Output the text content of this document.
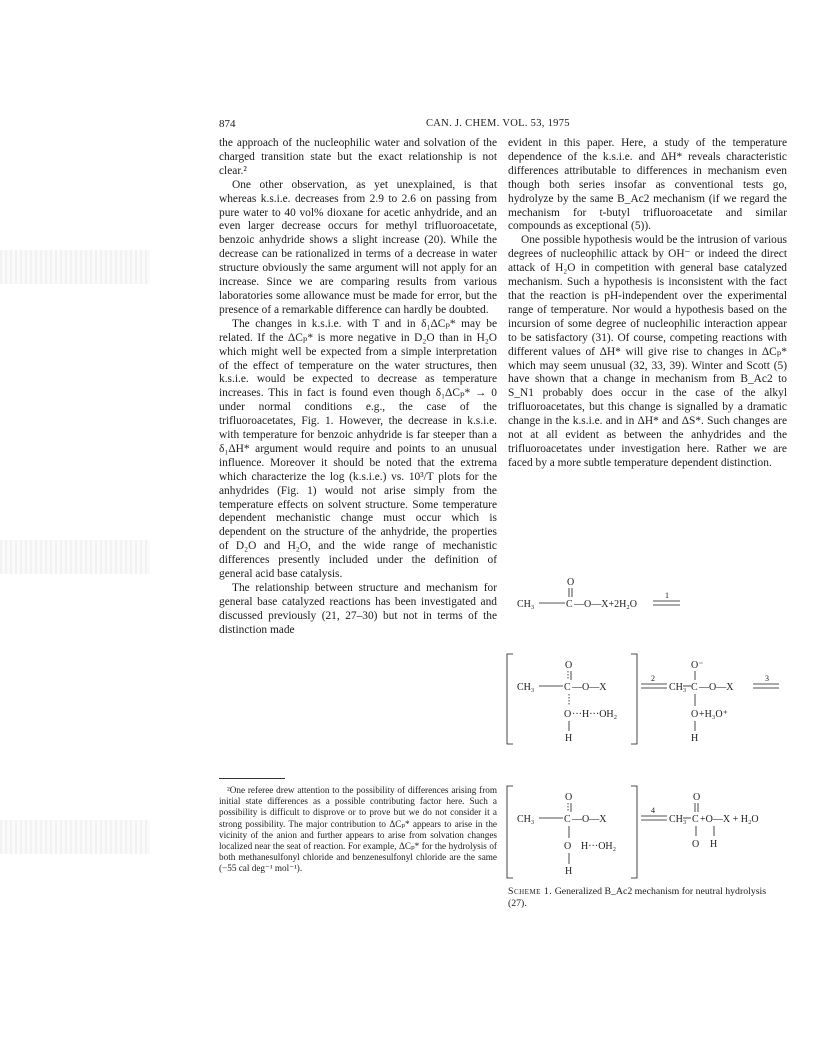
874	CAN. J. CHEM. VOL. 53, 1975

the approach of the nucleophilic water and solvation of the charged transition state but the exact relationship is not clear.²

One other observation, as yet unexplained, is that whereas k.s.i.e. decreases from 2.9 to 2.6 on passing from pure water to 40 vol% dioxane for acetic anhydride, and an even larger decrease occurs for methyl trifluoroacetate, benzoic anhydride shows a slight increase (20). While the decrease can be rationalized in terms of a decrease in water structure obviously the same argument will not apply for an increase. Since we are comparing results from various laboratories some allowance must be made for error, but the presence of a remarkable difference can hardly be doubted.

The changes in k.s.i.e. with T and in δ₁ΔCₚ* may be related. If the ΔCₚ* is more negative in D₂O than in H₂O which might well be expected from a simple interpretation of the effect of temperature on the water structures, then k.s.i.e. would be expected to decrease as temperature increases. This in fact is found even though δ₁ΔCₚ* → 0 under normal conditions e.g., the case of the trifluoroacetates, Fig. 1. However, the decrease in k.s.i.e. with temperature for benzoic anhydride is far steeper than a δ₁ΔH* argument would require and points to an unusual influence. Moreover it should be noted that the extrema which characterize the log (k.s.i.e.) vs. 10³/T plots for the anhydrides (Fig. 1) would not arise simply from the temperature effects on solvent structure. Some temperature dependent mechanistic change must occur which is dependent on the structure of the anhydride, the properties of D₂O and H₂O, and the wide range of mechanistic differences presently included under the definition of general acid base catalysis.

The relationship between structure and mechanism for general base catalyzed reactions has been investigated and discussed previously (21, 27–30) but not in terms of the distinction made

²One referee drew attention to the possibility of differences arising from initial state differences as a possible contributing factor here. Such a possibility is difficult to disprove or to prove but we do not consider it a strong possibility. The major contribution to ΔCₚ* appears to arise in the vicinity of the anion and further appears to arise from solvation changes localized near the seat of reaction. For example, ΔCₚ* for the hydrolysis of both methanesulfonyl chloride and benzenesulfonyl chloride are the same (−55 cal deg⁻¹ mol⁻¹).

evident in this paper. Here, a study of the temperature dependence of the k.s.i.e. and ΔH* reveals characteristic differences attributable to differences in mechanism even though both series insofar as conventional tests go, hydrolyze by the same B_Ac2 mechanism (if we regard the mechanism for t-butyl trifluoroacetate and similar compounds as exceptional (5)).

One possible hypothesis would be the intrusion of various degrees of nucleophilic attack by OH⁻ or indeed the direct attack of H₂O in competition with general base catalyzed mechanism. Such a hypothesis is inconsistent with the fact that the reaction is pH-independent over the experimental range of temperature. Nor would a hypothesis based on the incursion of some degree of nucleophilic interaction appear to be satisfactory (31). Of course, competing reactions with different values of ΔH* will give rise to changes in ΔCₚ* which may seem unusual (32, 33, 39). Winter and Scott (5) have shown that a change in mechanism from B_Ac2 to S_N1 probably does occur in the case of the alkyl trifluoroacetates, but this change is signalled by a dramatic change in the k.s.i.e. and in ΔH* and ΔS*. Such changes are not at all evident as between the anhydrides and the trifluoroacetates under investigation here. Rather we are faced by a more subtle temperature dependent distinction.

O
CH₃	C —O—X+2H₂O
1
O
CH₃	C —O—X
O ···H···OH₂
H
2
O⁻
CH₃ C —O—X
O +H₃O⁺
H
3
O
CH₃	C —O—X
O H···OH₂
H
4
O
CH₃ C +O—X + H₂O
O H
Scheme 1. Generalized B_Ac2 mechanism for neutral hydrolysis (27).
